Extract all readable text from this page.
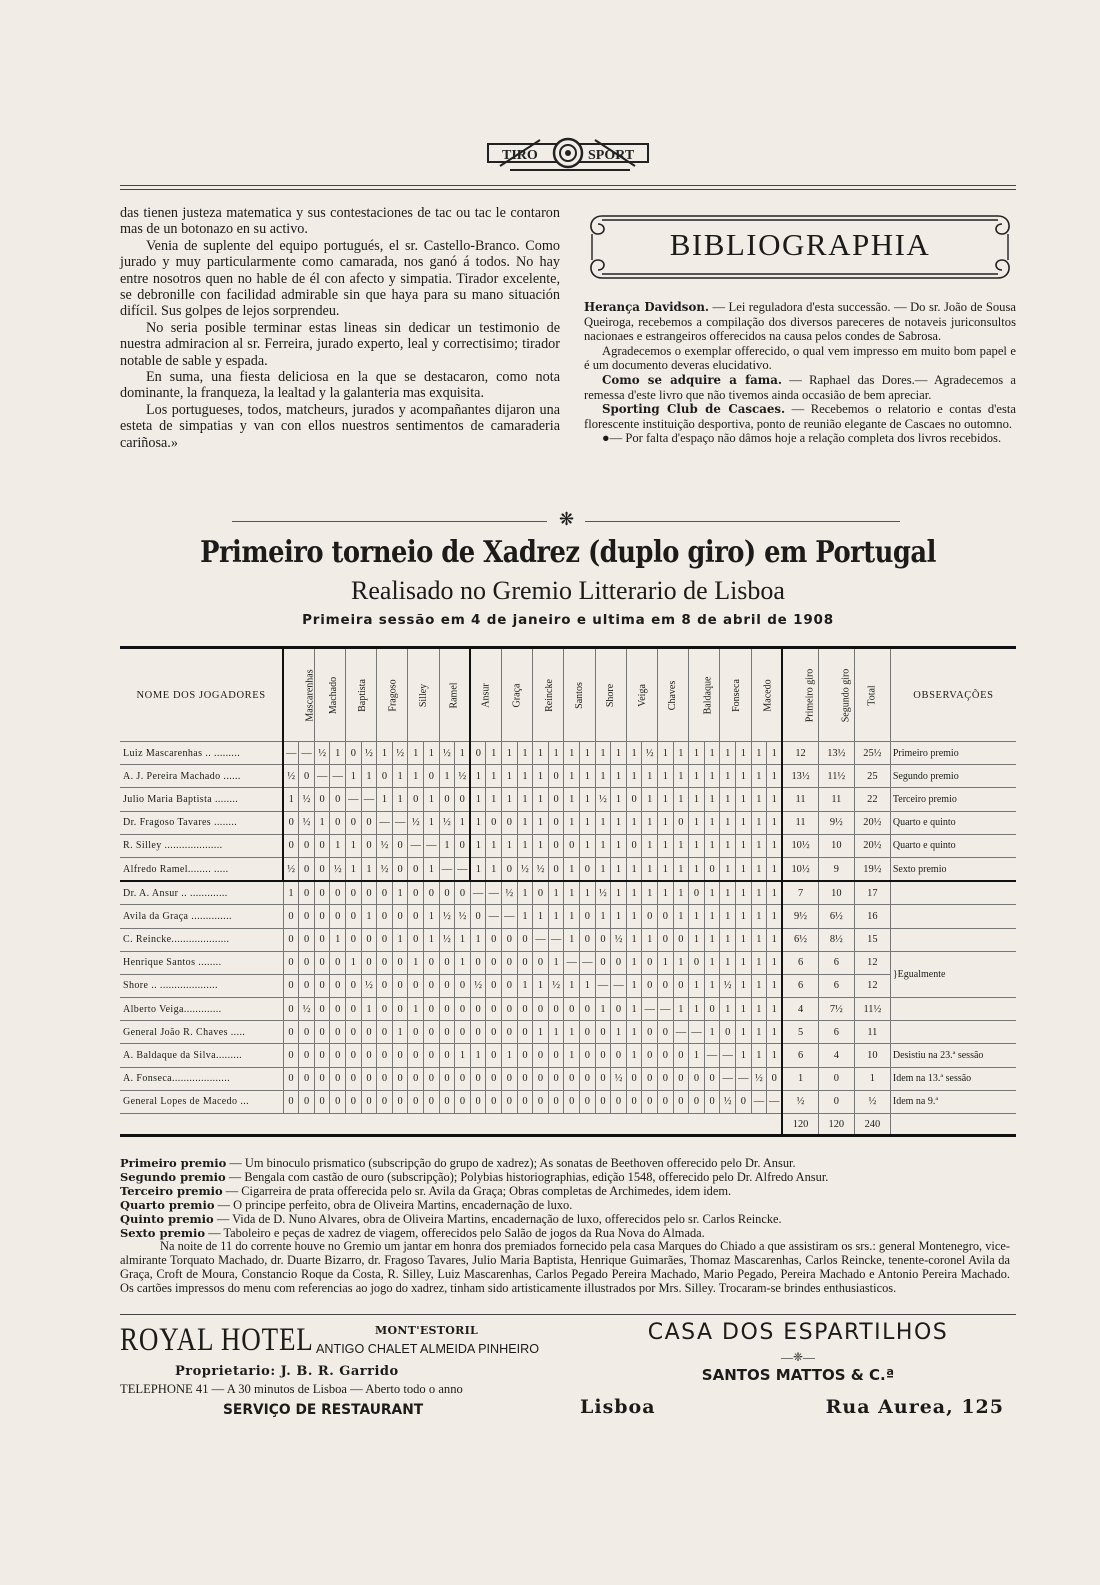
TIRO	SPORT

das tienen justeza matematica y sus contestaciones de tac ou tac le contaron mas de un botonazo en su activo.

Venia de suplente del equipo portugués, el sr. Castello-Branco. Como jurado y muy particularmente como camarada, nos ganó á todos. No hay entre nosotros quen no hable de él con afecto y simpatia. Tirador excelente, se debronille con facilidad admirable sin que haya para su mano situación difícil. Sus golpes de lejos sorprendeu.

No seria posible terminar estas lineas sin dedicar un testimonio de nuestra admiracion al sr. Ferreira, jurado experto, leal y correctisimo; tirador notable de sable y espada.

En suma, una fiesta deliciosa en la que se destacaron, como nota dominante, la franqueza, la lealtad y la galanteria mas exquisita.

Los portugueses, todos, matcheurs, jurados y acompañantes dijaron una esteta de simpatias y van con ellos nuestros sentimentos de camaraderia cariñosa.»

BIBLIOGRAPHIA

Herança Davidson. — Lei reguladora d'esta successão. — Do sr. João de Sousa Queiroga, recebemos a compilação dos diversos pareceres de notaveis juriconsultos nacionaes e estrangeiros offerecidos na causa pelos condes de Sabrosa.

Agradecemos o exemplar offerecido, o qual vem impresso em muito bom papel e é um documento deveras elucidativo.

Como se adquire a fama. — Raphael das Dores.— Agradecemos a remessa d'este livro que não tivemos ainda occasião de bem apreciar.

Sporting Club de Cascaes. — Recebemos o relatorio e contas d'esta florescente instituição desportiva, ponto de reunião elegante de Cascaes no outomno.

●— Por falta d'espaço não dâmos hoje a relação completa dos livros recebidos.

❋
Primeiro torneio de Xadrez (duplo giro) em Portugal
Realisado no Gremio Litterario de Lisboa
Primeira sessão em 4 de janeiro e ultima em 8 de abril de 1908
NOME DOS JOGADORES	Mascarenhas		Machado		Baptista		Fragoso		Silley		Ramel		Ansur		Graça		Reincke		Santos		Shore		Veiga		Chaves		Baldaque		Fonseca		Macedo		Primeiro giro	Segundo giro	Total	OBSERVAÇÕES
Luiz Mascarenhas .. .........	—	—	½	1	0	½	1	½	1	1	½	1	0	1	1	1	1	1	1	1	1	1	1	½	1	1	1	1	1	1	1	1	12	13½	25½	Primeiro premio
A. J. Pereira Machado ......	½	0	—	—	1	1	0	1	1	0	1	½	1	1	1	1	1	0	1	1	1	1	1	1	1	1	1	1	1	1	1	1	13½	11½	25	Segundo premio
Julio Maria Baptista ........	1	½	0	0	—	—	1	1	0	1	0	0	1	1	1	1	1	0	1	1	½	1	0	1	1	1	1	1	1	1	1	1	11	11	22	Terceiro premio
Dr. Fragoso Tavares ........	0	½	1	0	0	0	—	—	½	1	½	1	1	0	0	1	1	0	1	1	1	1	1	1	1	0	1	1	1	1	1	1	11	9½	20½	Quarto e quinto
R. Silley ....................	0	0	0	1	1	0	½	0	—	—	1	0	1	1	1	1	1	0	0	1	1	1	0	1	1	1	1	1	1	1	1	1	10½	10	20½	Quarto e quinto
Alfredo Ramel........ .....	½	0	0	½	1	1	½	0	0	1	—	—	1	1	0	½	½	0	1	0	1	1	1	1	1	1	1	0	1	1	1	1	10½	9	19½	Sexto premio
Dr. A. Ansur .. .............	1	0	0	0	0	0	0	1	0	0	0	0	—	—	½	1	0	1	1	1	½	1	1	1	1	1	0	1	1	1	1	1	7	10	17	
Avila da Graça ..............	0	0	0	0	0	1	0	0	0	1	½	½	0	—	—	1	1	1	1	0	1	1	1	0	0	1	1	1	1	1	1	1	9½	6½	16	
C. Reincke....................	0	0	0	1	0	0	0	1	0	1	½	1	1	0	0	0	—	—	1	0	0	½	1	1	0	0	1	1	1	1	1	1	6½	8½	15	
Henrique Santos ........	0	0	0	0	1	0	0	0	1	0	0	1	0	0	0	0	0	1	—	—	0	0	1	0	1	1	0	1	1	1	1	1	6	6	12	}Egualmente
Shore .. ....................	0	0	0	0	0	½	0	0	0	0	0	0	½	0	0	1	1	½	1	1	—	—	1	0	0	0	1	1	½	1	1	1	6	6	12	
Alberto Veiga.............	0	½	0	0	0	1	0	0	1	0	0	0	0	0	0	0	0	0	0	0	1	0	1	—	—	1	1	0	1	1	1	1	4	7½	11½	
General João R. Chaves .....	0	0	0	0	0	0	0	1	0	0	0	0	0	0	0	0	1	1	1	0	0	1	1	0	0	—	—	1	0	1	1	1	5	6	11	
A. Baldaque da Silva.........	0	0	0	0	0	0	0	0	0	0	0	1	1	0	1	0	0	0	1	0	0	0	1	0	0	0	1	—	—	1	1	1	6	4	10	Desistiu na 23.ª sessão
A. Fonseca....................	0	0	0	0	0	0	0	0	0	0	0	0	0	0	0	0	0	0	0	0	0	½	0	0	0	0	0	0	—	—	½	0	1	0	1	Idem na 13.ª sessão
General Lopes de Macedo ...	0	0	0	0	0	0	0	0	0	0	0	0	0	0	0	0	0	0	0	0	0	0	0	0	0	0	0	0	½	0	—	—	½	0	½	Idem na 9.ª
																																	120	120	240	

Primeiro premio — Um binoculo prismatico (subscripção do grupo de xadrez); As sonatas de Beethoven offerecido pelo Dr. Ansur.

Segundo premio — Bengala com castão de ouro (subscripção); Polybias historiographias, edição 1548, offerecido pelo Dr. Alfredo Ansur.

Terceiro premio — Cigarreira de prata offerecida pelo sr. Avila da Graça; Obras completas de Archimedes, idem idem.

Quarto premio — O principe perfeito, obra de Oliveira Martins, encadernação de luxo.

Quinto premio — Vida de D. Nuno Alvares, obra de Oliveira Martins, encadernação de luxo, offerecidos pelo sr. Carlos Reincke.

Sexto premio — Taboleiro e peças de xadrez de viagem, offerecidos pelo Salão de jogos da Rua Nova do Almada.

Na noite de 11 do corrente houve no Gremio um jantar em honra dos premiados fornecido pela casa Marques do Chiado a que assistiram os srs.: general Montenegro, vice-almirante Torquato Machado, dr. Duarte Bizarro, dr. Fragoso Tavares, Julio Maria Baptista, Henrique Guimarães, Thomaz Mascarenhas, Carlos Reincke, tenente-coronel Avila da Graça, Croft de Moura, Constancio Roque da Costa, R. Silley, Luiz Mascarenhas, Carlos Pegado Pereira Machado, Mario Pegado, Pereira Machado e Antonio Pereira Machado. Os cartões impressos do menu com referencias ao jogo do xadrez, tinham sido artisticamente illustrados por Mrs. Silley. Trocaram-se brindes enthusiasticos.

ROYAL HOTEL	MONT'ESTORIL
ANTIGO CHALET ALMEIDA PINHEIRO
Proprietario: J. B. R. Garrido
TELEPHONE 41 — A 30 minutos de Lisboa — Aberto todo o anno
SERVIÇO DE RESTAURANT
CASA DOS ESPARTILHOS
—❈—
SANTOS MATTOS & C.ª
Lisboa	Rua Aurea, 125
